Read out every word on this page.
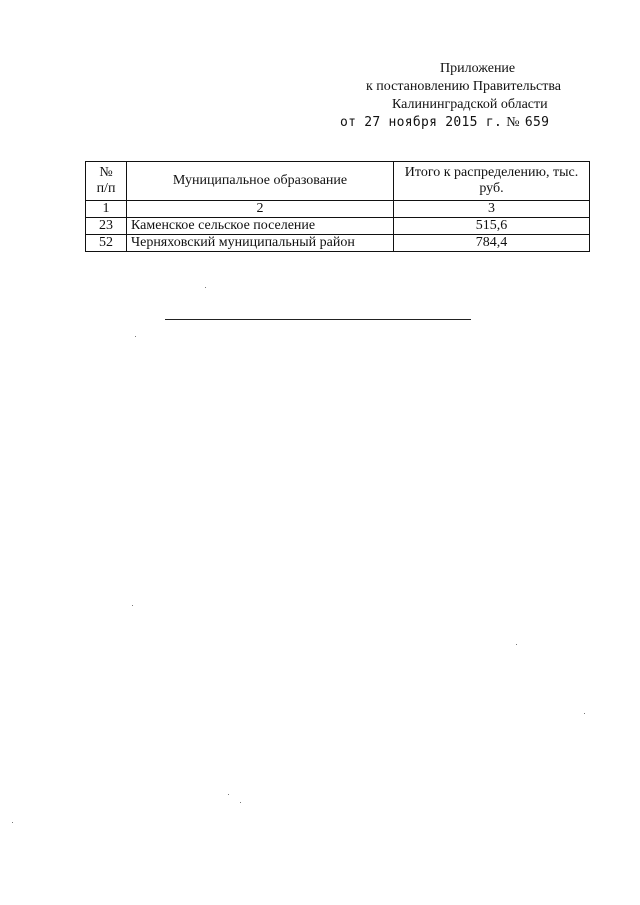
Приложение
к постановлению Правительства
Калининградской области
от 27 ноября 2015 г. № 659
№ п/п	Муниципальное образование	Итого к распределению, тыс. руб.
1	2	3
23	Каменское сельское поселение	515,6
52	Черняховский муниципальный район	784,4
